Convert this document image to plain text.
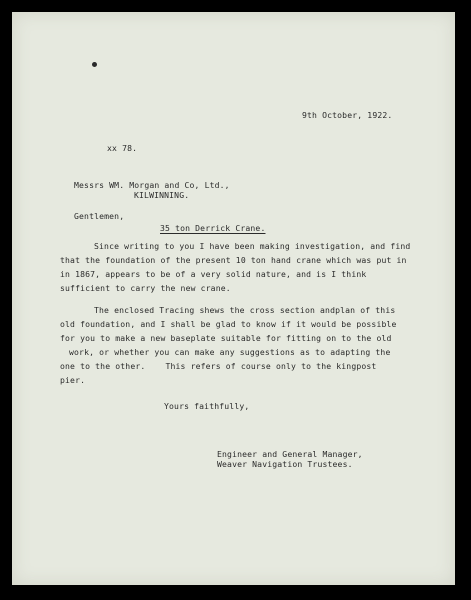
9th October, 1922.
xx 78.
Messrs WM. Morgan and Co, Ltd.,
KILWINNING.
Gentlemen,
35 ton Derrick Crane.
Since writing to you I have been making investigation, and find
that the foundation of the present 10 ton hand crane which was put in
in 1867, appears to be of a very solid nature, and is I think
sufficient to carry the new crane.
The enclosed Tracing shews the cross section andplan of this
old foundation, and I shall be glad to know if it would be possible
for you to make a new baseplate suitable for fitting on to the old
work, or whether you can make any suggestions as to adapting the
one to the other.    This refers of course only to the kingpost
pier.
Yours faithfully,
Engineer and General Manager,
Weaver Navigation Trustees.
